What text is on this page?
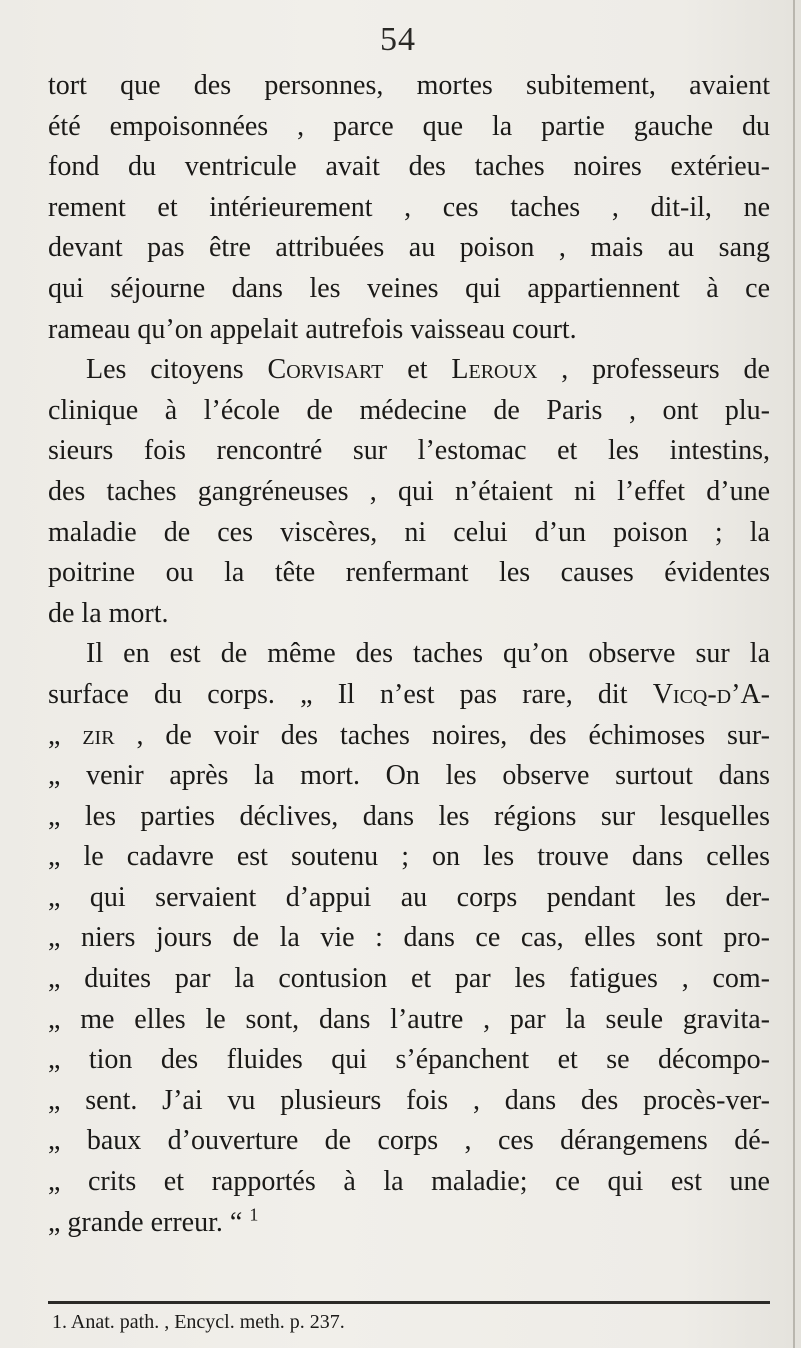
54
tort que des personnes, mortes subitement, avaient
été empoisonnées , parce que la partie gauche du
fond du ventricule avait des taches noires extérieu-
rement et intérieurement , ces taches , dit-il, ne
devant pas être attribuées au poison , mais au sang
qui séjourne dans les veines qui appartiennent à ce
rameau qu’on appelait autrefois vaisseau court.
Les citoyens Corvisart et Leroux , professeurs de
clinique à l’école de médecine de Paris , ont plu-
sieurs fois rencontré sur l’estomac et les intestins,
des taches gangréneuses , qui n’étaient ni l’effet d’une
maladie de ces viscères, ni celui d’un poison ; la
poitrine ou la tête renfermant les causes évidentes
de la mort.
Il en est de même des taches qu’on observe sur la
surface du corps. „ Il n’est pas rare, dit Vicq-d’A-
„ zir , de voir des taches noires, des échimoses sur-
„ venir après la mort. On les observe surtout dans
„ les parties déclives, dans les régions sur lesquelles
„ le cadavre est soutenu ; on les trouve dans celles
„ qui servaient d’appui au corps pendant les der-
„ niers jours de la vie : dans ce cas, elles sont pro-
„ duites par la contusion et par les fatigues , com-
„ me elles le sont, dans l’autre , par la seule gravita-
„ tion des fluides qui s’épanchent et se décompo-
„ sent. J’ai vu plusieurs fois , dans des procès-ver-
„ baux d’ouverture de corps , ces dérangemens dé-
„ crits et rapportés à la maladie; ce qui est une
„ grande erreur. “ $^1$
1. Anat. path. , Encycl. meth. p. 237.
